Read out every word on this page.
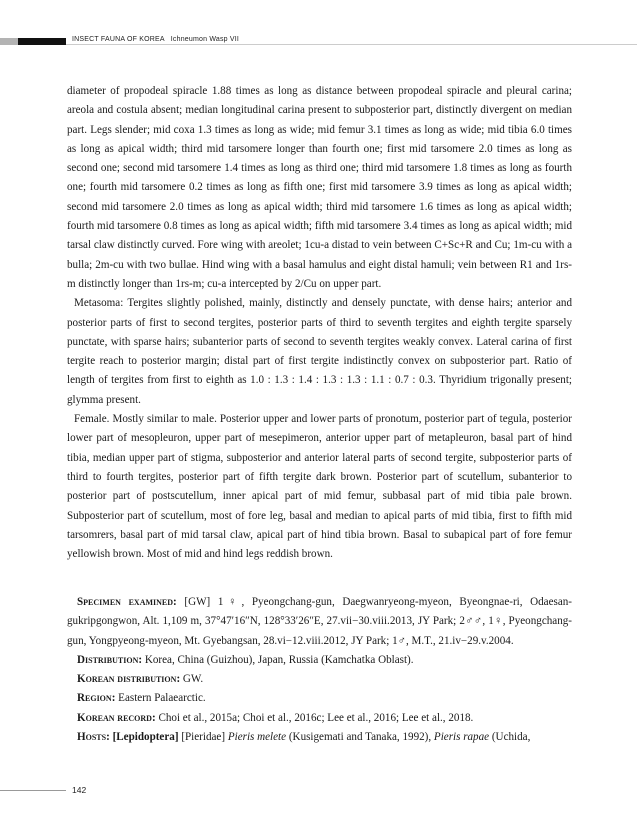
INSECT FAUNA OF KOREA Ichneumon Wasp VII

diameter of propodeal spiracle 1.88 times as long as distance between propodeal spiracle and pleural carina; areola and costula absent; median longitudinal carina present to subposterior part, distinctly divergent on median part. Legs slender; mid coxa 1.3 times as long as wide; mid femur 3.1 times as long as wide; mid tibia 6.0 times as long as apical width; third mid tarsomere longer than fourth one; first mid tarsomere 2.0 times as long as second one; second mid tarsomere 1.4 times as long as third one; third mid tarsomere 1.8 times as long as fourth one; fourth mid tarsomere 0.2 times as long as fifth one; first mid tarsomere 3.9 times as long as apical width; second mid tarsomere 2.0 times as long as apical width; third mid tarsomere 1.6 times as long as apical width; fourth mid tarsomere 0.8 times as long as apical width; fifth mid tarsomere 3.4 times as long as apical width; mid tarsal claw distinctly curved. Fore wing with areolet; 1cu-a distad to vein between C+Sc+R and Cu; 1m-cu with a bulla; 2m-cu with two bullae. Hind wing with a basal hamulus and eight distal hamuli; vein between R1 and 1rs-m distinctly longer than 1rs-m; cu-a intercepted by 2/Cu on upper part.

Metasoma: Tergites slightly polished, mainly, distinctly and densely punctate, with dense hairs; anterior and posterior parts of first to second tergites, posterior parts of third to seventh tergites and eighth tergite sparsely punctate, with sparse hairs; subanterior parts of second to seventh tergites weakly convex. Lateral carina of first tergite reach to posterior margin; distal part of first tergite indistinctly convex on subposterior part. Ratio of length of tergites from first to eighth as 1.0 : 1.3 : 1.4 : 1.3 : 1.3 : 1.1 : 0.7 : 0.3. Thyridium trigonally present; glymma present.

Female. Mostly similar to male. Posterior upper and lower parts of pronotum, posterior part of tegula, posterior lower part of mesopleuron, upper part of mesepimeron, anterior upper part of metapleuron, basal part of hind tibia, median upper part of stigma, subposterior and anterior lateral parts of second tergite, subposterior parts of third to fourth tergites, posterior part of fifth tergite dark brown. Posterior part of scutellum, subanterior to posterior part of postscutellum, inner apical part of mid femur, subbasal part of mid tibia pale brown. Subposterior part of scutellum, most of fore leg, basal and median to apical parts of mid tibia, first to fifth mid tarsomrers, basal part of mid tarsal claw, apical part of hind tibia brown. Basal to subapical part of fore femur yellowish brown. Most of mid and hind legs reddish brown.

Specimen examined: [GW] 1♀, Pyeongchang-gun, Daegwanryeong-myeon, Byeongnae-ri, Odaesan-gukripgongwon, Alt. 1,109 m, 37°47′16″N, 128°33′26″E, 27.vii−30.viii.2013, JY Park; 2♂♂, 1♀, Pyeongchang-gun, Yongpyeong-myeon, Mt. Gyebangsan, 28.vi−12.viii.2012, JY Park; 1♂, M.T., 21.iv−29.v.2004.

Distribution: Korea, China (Guizhou), Japan, Russia (Kamchatka Oblast).

Korean distribution: GW.

Region: Eastern Palaearctic.

Korean record: Choi et al., 2015a; Choi et al., 2016c; Lee et al., 2016; Lee et al., 2018.

Hosts: [Lepidoptera] [Pieridae] Pieris melete (Kusigemati and Tanaka, 1992), Pieris rapae (Uchida,

142
